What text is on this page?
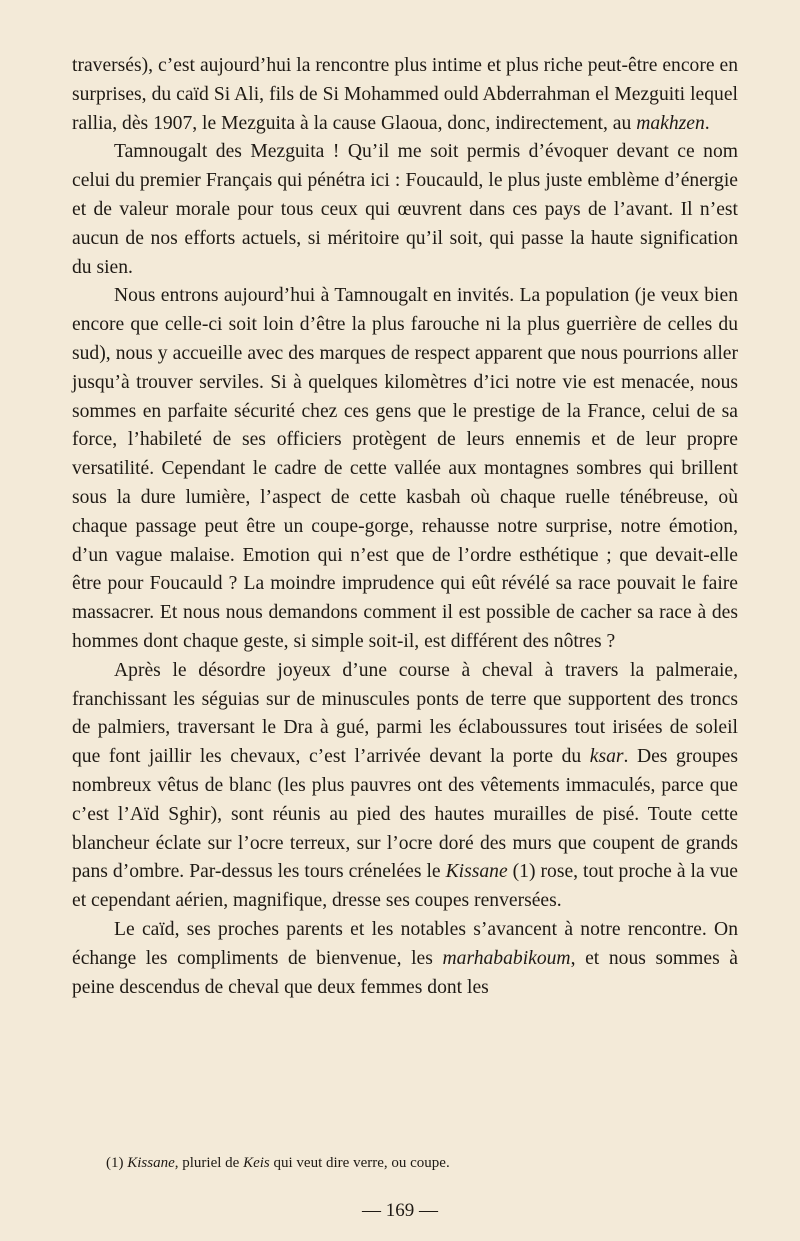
traversés), c’est aujourd’hui la rencontre plus intime et plus riche peut-être encore en surprises, du caïd Si Ali, fils de Si Mohammed ould Abderrahman el Mezguiti lequel rallia, dès 1907, le Mezguita à la cause Glaoua, donc, indirectement, au makhzen.

Tamnougalt des Mezguita ! Qu’il me soit permis d’évoquer devant ce nom celui du premier Français qui pénétra ici : Foucauld, le plus juste emblème d’énergie et de valeur morale pour tous ceux qui œuvrent dans ces pays de l’avant. Il n’est aucun de nos efforts actuels, si méritoire qu’il soit, qui passe la haute signification du sien.

Nous entrons aujourd’hui à Tamnougalt en invités. La population (je veux bien encore que celle-ci soit loin d’être la plus farouche ni la plus guerrière de celles du sud), nous y accueille avec des marques de respect apparent que nous pourrions aller jusqu’à trouver serviles. Si à quelques kilomètres d’ici notre vie est menacée, nous sommes en parfaite sécurité chez ces gens que le prestige de la France, celui de sa force, l’habileté de ses officiers protègent de leurs ennemis et de leur propre versatilité. Cependant le cadre de cette vallée aux montagnes sombres qui brillent sous la dure lumière, l’aspect de cette kasbah où chaque ruelle ténébreuse, où chaque passage peut être un coupe-gorge, rehausse notre surprise, notre émotion, d’un vague malaise. Emotion qui n’est que de l’ordre esthétique ; que devait-elle être pour Foucauld ? La moindre imprudence qui eût révélé sa race pouvait le faire massacrer. Et nous nous demandons comment il est possible de cacher sa race à des hommes dont chaque geste, si simple soit-il, est différent des nôtres ?

Après le désordre joyeux d’une course à cheval à travers la palmeraie, franchissant les séguias sur de minuscules ponts de terre que supportent des troncs de palmiers, traversant le Dra à gué, parmi les éclaboussures tout irisées de soleil que font jaillir les chevaux, c’est l’arrivée devant la porte du ksar. Des groupes nombreux vêtus de blanc (les plus pauvres ont des vêtements immaculés, parce que c’est l’Aïd Sghir), sont réunis au pied des hautes murailles de pisé. Toute cette blancheur éclate sur l’ocre terreux, sur l’ocre doré des murs que coupent de grands pans d’ombre. Par-dessus les tours crénelées le Kissane (1) rose, tout proche à la vue et cependant aérien, magnifique, dresse ses coupes renversées.

Le caïd, ses proches parents et les notables s’avancent à notre rencontre. On échange les compliments de bienvenue, les marhababikoum, et nous sommes à peine descendus de cheval que deux femmes dont les

(1) Kissane, pluriel de Keis qui veut dire verre, ou coupe.
— 169 —
